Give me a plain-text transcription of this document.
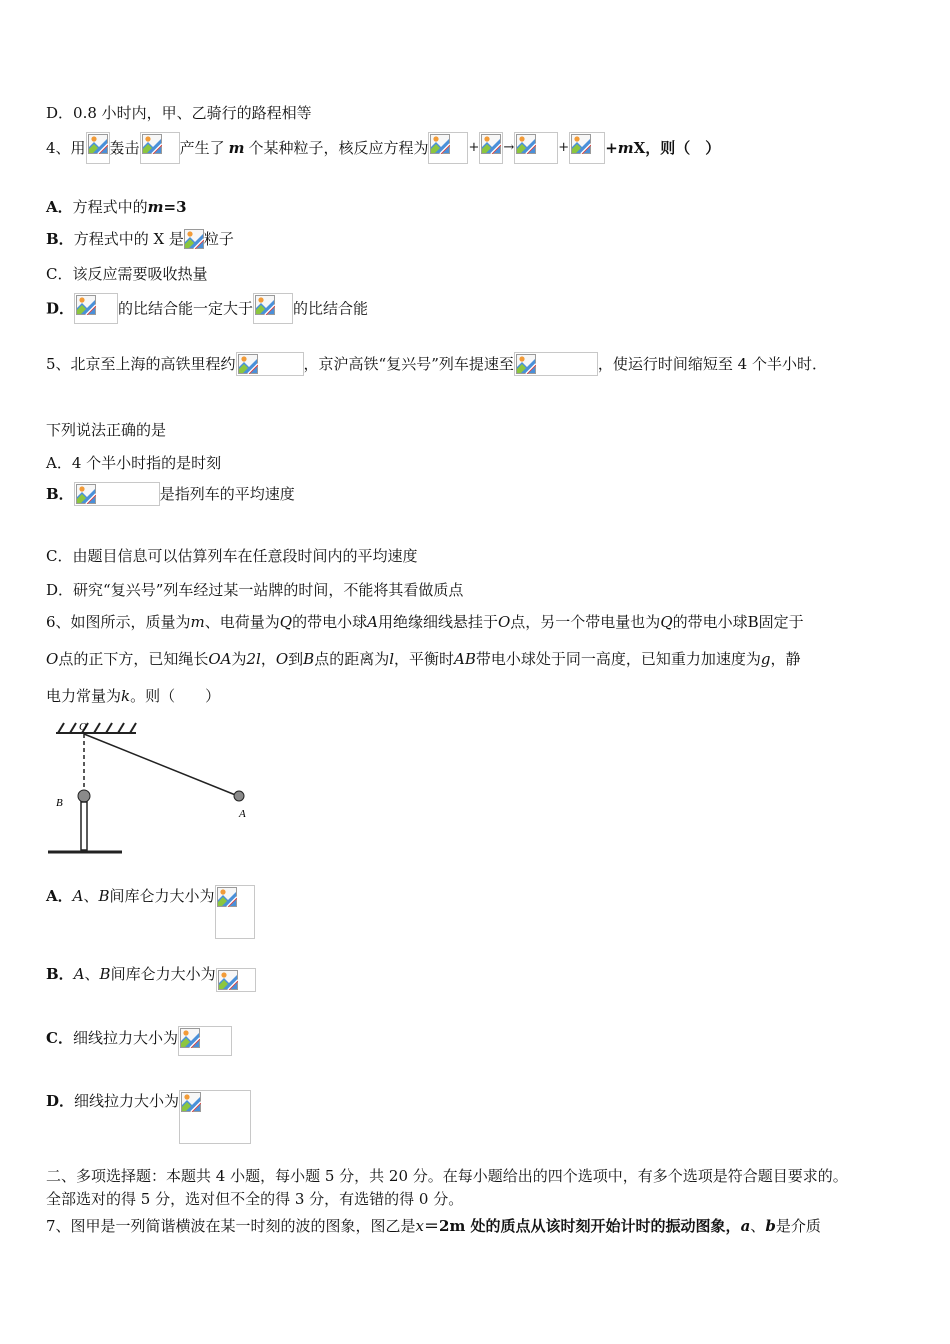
D．0.8 小时内，甲、乙骑行的路程相等
4、用 轰击	产生了 m 个某种粒子，核反应方程为	+ →	+ +mX，则（　）
A．方程式中的m=3
B．方程式中的 X 是 粒子
C．该反应需要吸收热量
D．	的比结合能一定大于	的比结合能
5、北京至上海的高铁里程约	，京沪高铁“复兴号”列车提速至	，使运行时间缩短至 4 个半小时．
下列说法正确的是
A．4 个半小时指的是时刻
B．	是指列车的平均速度
C．由题目信息可以估算列车在任意段时间内的平均速度
D．研究“复兴号”列车经过某一站牌的时间，不能将其看做质点
6、如图所示，质量为m、电荷量为Q的带电小球A用绝缘细线悬挂于O点，另一个带电量也为Q的带电小球B固定于
O点的正下方，已知绳长OA为2l，O到B点的距离为l，平衡时AB带电小球处于同一高度，已知重力加速度为g，静
电力常量为k。则（　　）
O
B
A
A．A、B间库仑力大小为
B．A、B间库仑力大小为
C．细线拉力大小为
D．细线拉力大小为
二、多项选择题：本题共 4 小题，每小题 5 分，共 20 分。在每小题给出的四个选项中，有多个选项是符合题目要求的。
全部选对的得 5 分，选对但不全的得 3 分，有选错的得 0 分。
7、图甲是一列简谐横波在某一时刻的波的图象，图乙是x＝2m 处的质点从该时刻开始计时的振动图象，a、b是介质
